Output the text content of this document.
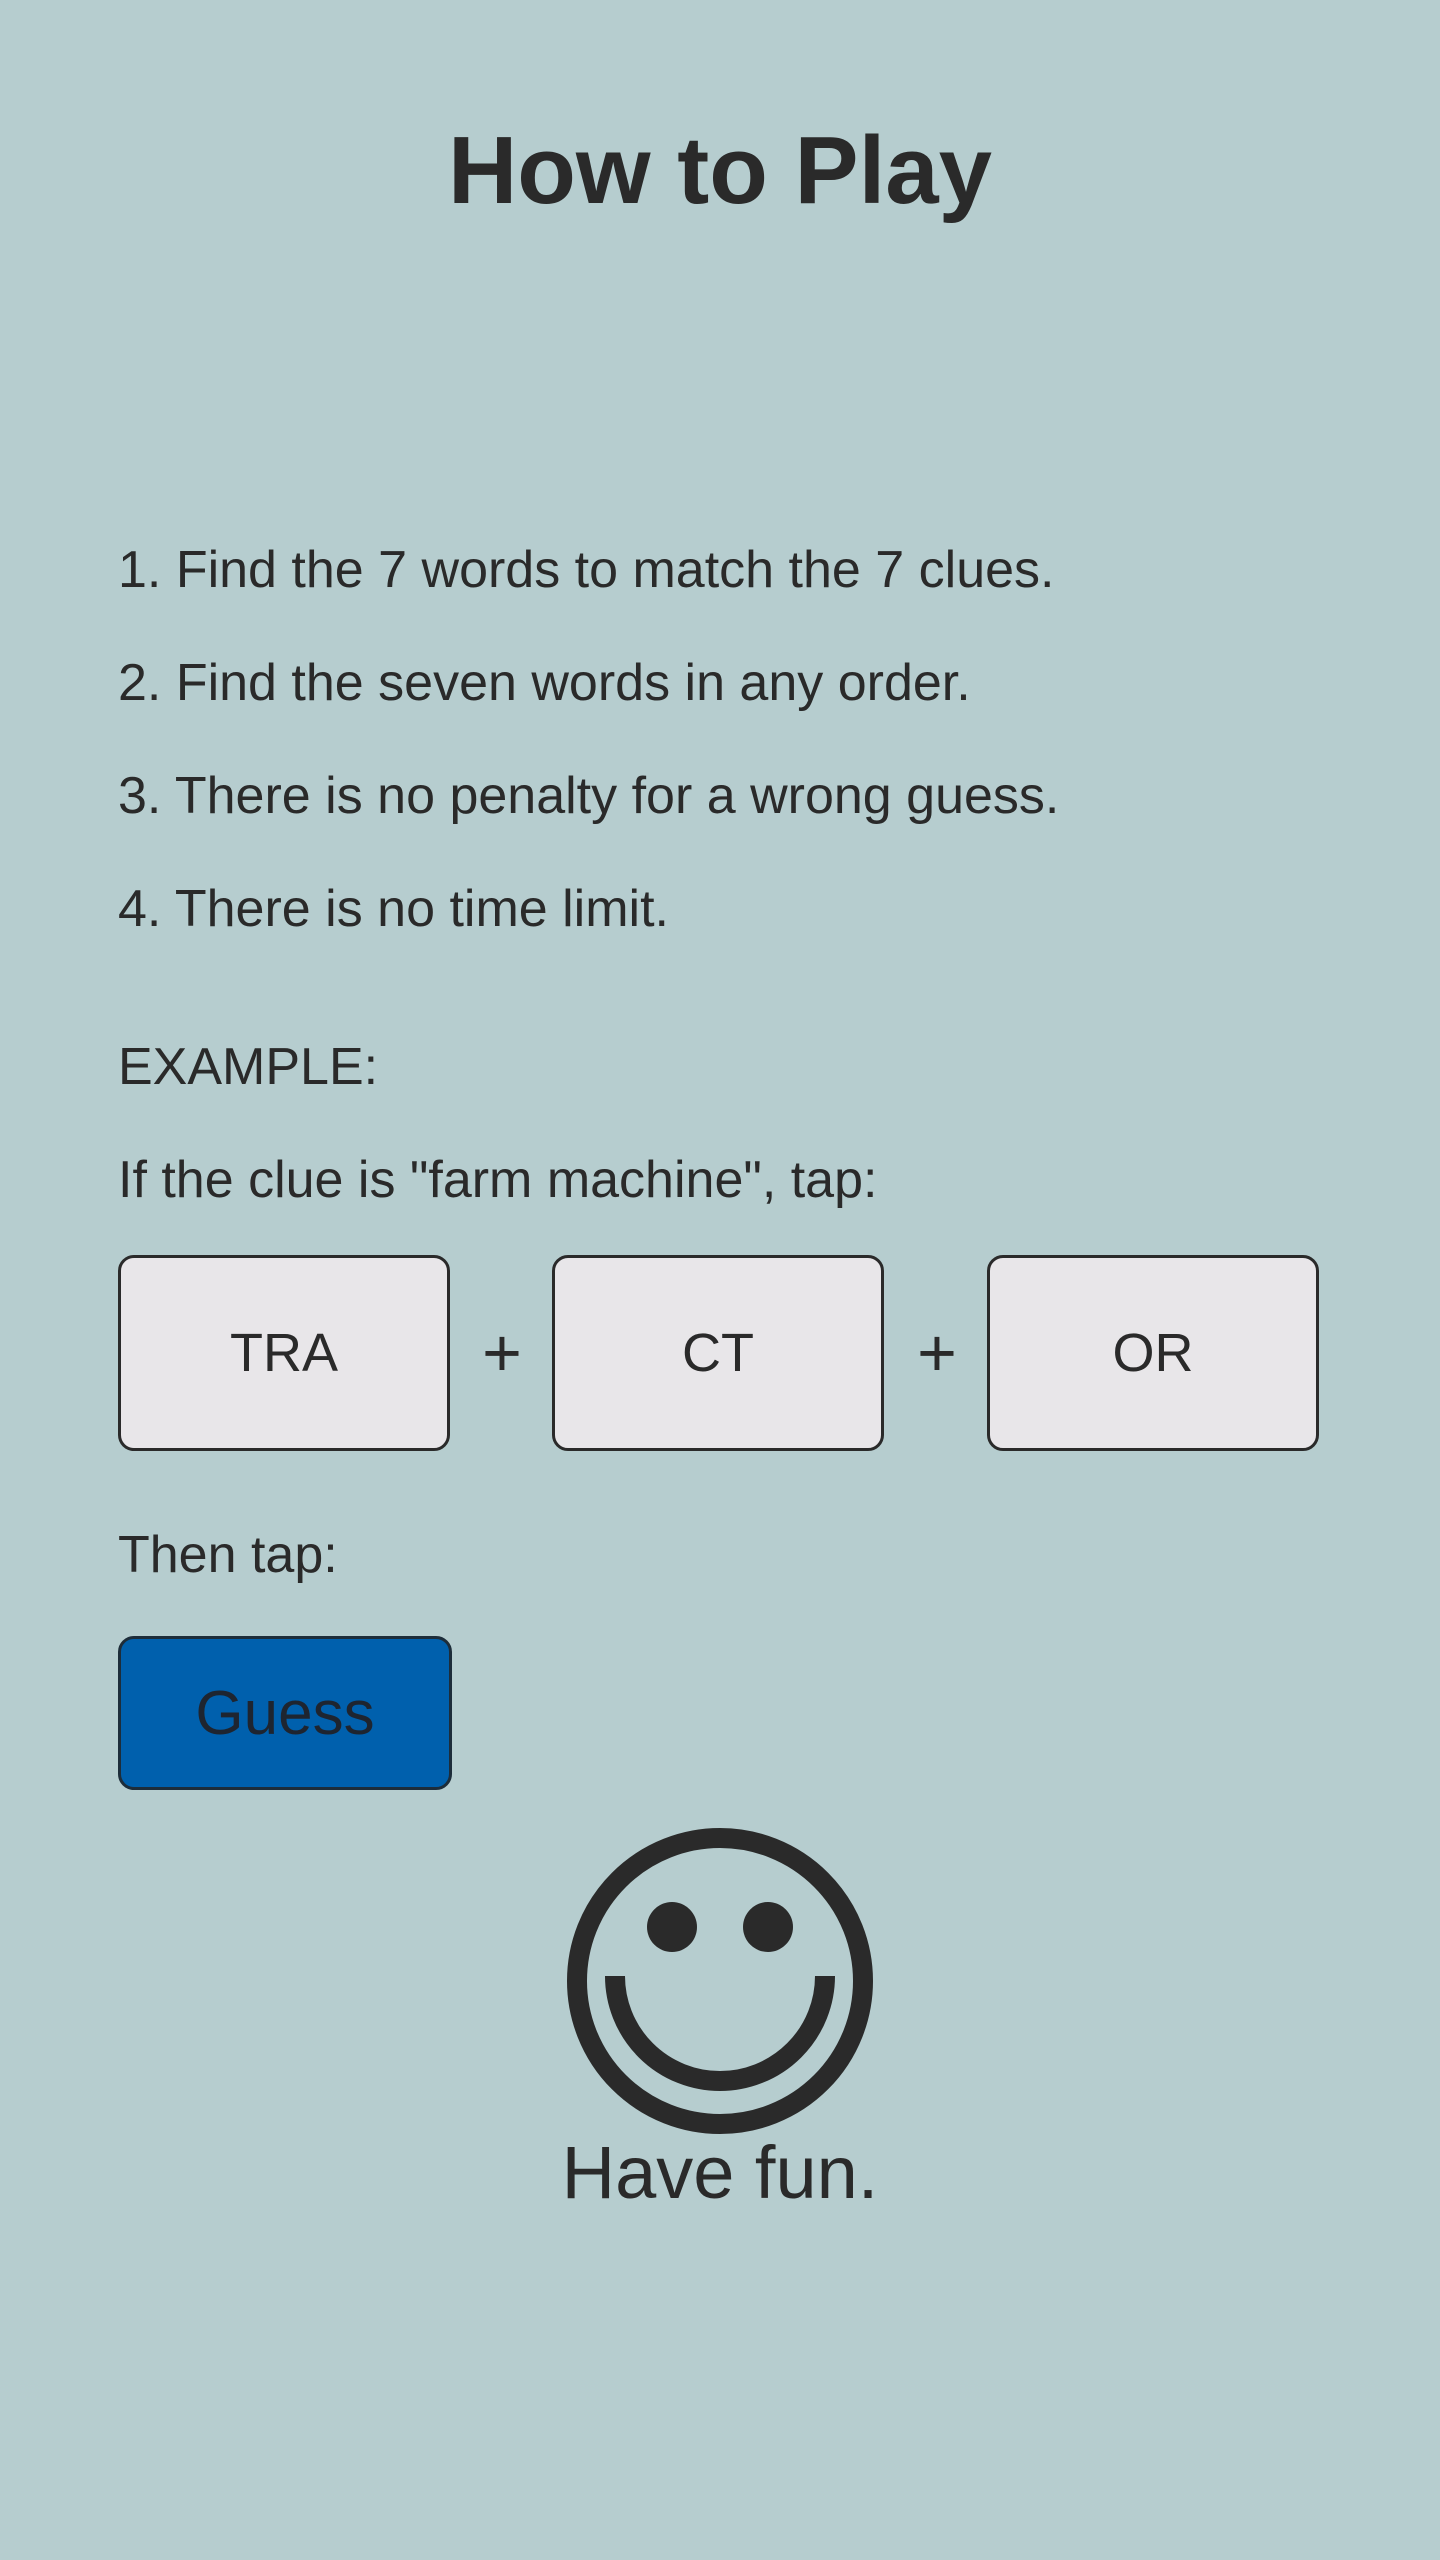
How to Play
1. Find the 7 words to match the 7 clues.
2. Find the seven words in any order.
3. There is no penalty for a wrong guess.
4. There is no time limit.
EXAMPLE:
If the clue is "farm machine", tap:
TRA	+	CT	+	OR
Then tap:
Guess
Have fun.
